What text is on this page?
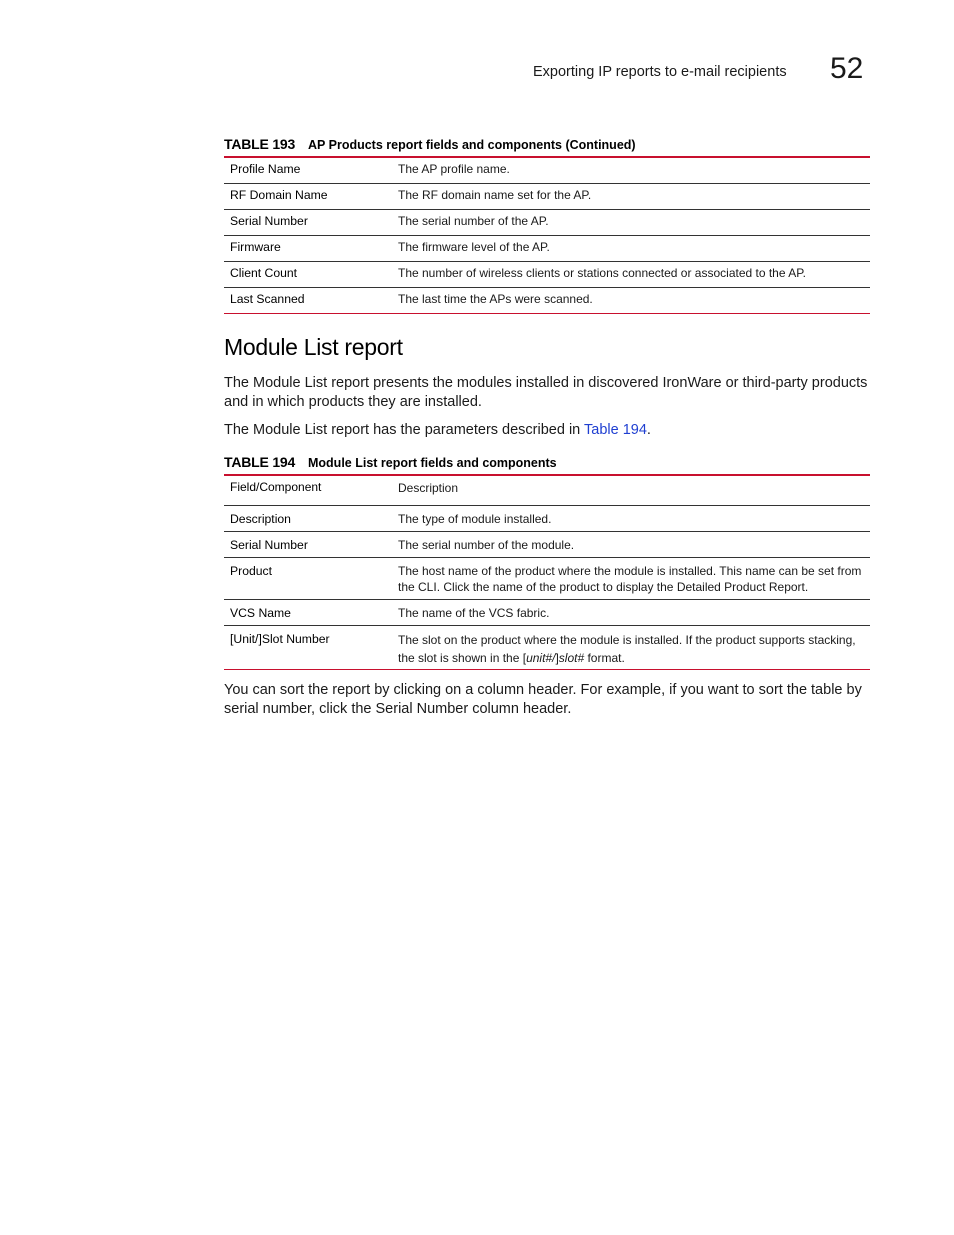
Exporting IP reports to e-mail recipients 52
TABLE 193 AP Products report fields and components (Continued)
Profile Name	The AP profile name.
RF Domain Name	The RF domain name set for the AP.
Serial Number	The serial number of the AP.
Firmware	The firmware level of the AP.
Client Count	The number of wireless clients or stations connected or associated to the AP.
Last Scanned	The last time the APs were scanned.
Module List report

The Module List report presents the modules installed in discovered IronWare or third-party products and in which products they are installed.

The Module List report has the parameters described in Table 194.

TABLE 194 Module List report fields and components
Field/Component	Description
Description	The type of module installed.
Serial Number	The serial number of the module.
Product	The host name of the product where the module is installed. This name can be set from the CLI. Click the name of the product to display the Detailed Product Report.
VCS Name	The name of the VCS fabric.
[Unit/]Slot Number	The slot on the product where the module is installed. If the product supports stacking, the slot is shown in the [unit#/]slot# format.

You can sort the report by clicking on a column header. For example, if you want to sort the table by serial number, click the Serial Number column header.
